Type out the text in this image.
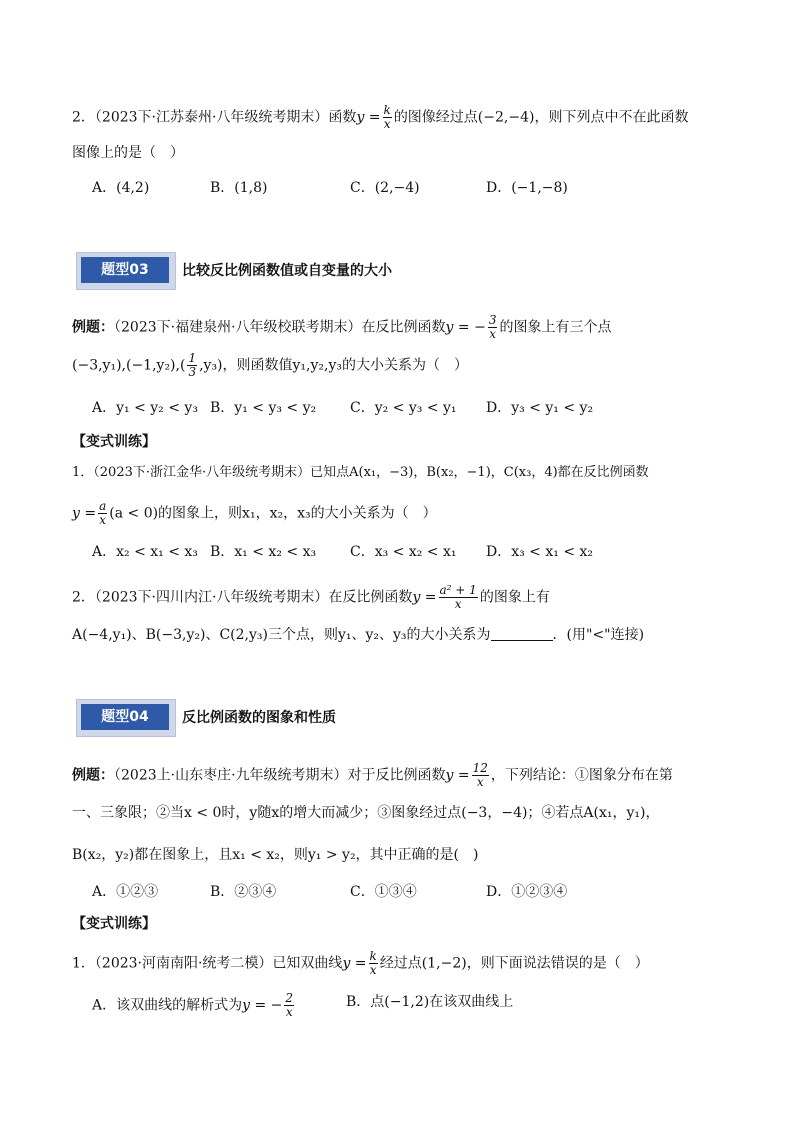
2．（2023下·江苏泰州·八年级统考期末）函数$y = \frac{k}{x}$ 的图像经过点(−2,−4)，则下列点中不在此函数
图像上的是（　）
A．(4,2)	B．(1,8)	C．(2,−4)	D．(−1,−8)
题型03	比较反比例函数值或自变量的大小
例题：（2023下·福建泉州·八年级校联考期末）在反比例函数y = − $\frac{3}{x}$ 的图象上有三个点
$(-3,y_1),(-1,y_2),( \frac{1}{3} ,y_3)$，则函数值y₁,y₂,y₃的大小关系为（　）
A．y₁ < y₂ < y₃ B．y₁ < y₃ < y₂ C．y₂ < y₃ < y₁ D．y₃ < y₁ < y₂
【变式训练】
1．（2023下·浙江金华·八年级统考期末）已知点A(x₁，−3)，B(x₂，−1)，C(x₃，4)都在反比例函数
$y = \frac{a}{x} (a < 0)$的图象上，则x₁，x₂，x₃的大小关系为（　）
A．x₂ < x₁ < x₃ B．x₁ < x₂ < x₃ C．x₃ < x₂ < x₁ D．x₃ < x₁ < x₂
2．（2023下·四川内江·八年级统考期末）在反比例函数$y = \frac{\text{a² + 1}}{x}$ 的图象上有
A(−4,y₁)、B(−3,y₂)、C(2,y₃)三个点，则y₁、y₂、y₃的大小关系为	．(用"<"连接)
题型04	反比例函数的图象和性质
例题：（2023上·山东枣庄·九年级统考期末）对于反比例函数$y = \frac{12}{x}$ ，下列结论：①图象分布在第
一、三象限；②当x < 0时，y随x的增大而减少；③图象经过点(−3，−4)；④若点A(x₁，y₁)，
B(x₂，y₂)都在图象上，且x₁ < x₂，则y₁ > y₂，其中正确的是(　)
A．①②③	B．②③④	C．①③④	D．①②③④
【变式训练】
1．（2023·河南南阳·统考二模）已知双曲线$y = \frac{k}{x}$ 经过点(1,−2)，则下面说法错误的是（　）
A．该双曲线的解析式为y = − $\frac{2}{x}$	B．点(−1,2)在该双曲线上
